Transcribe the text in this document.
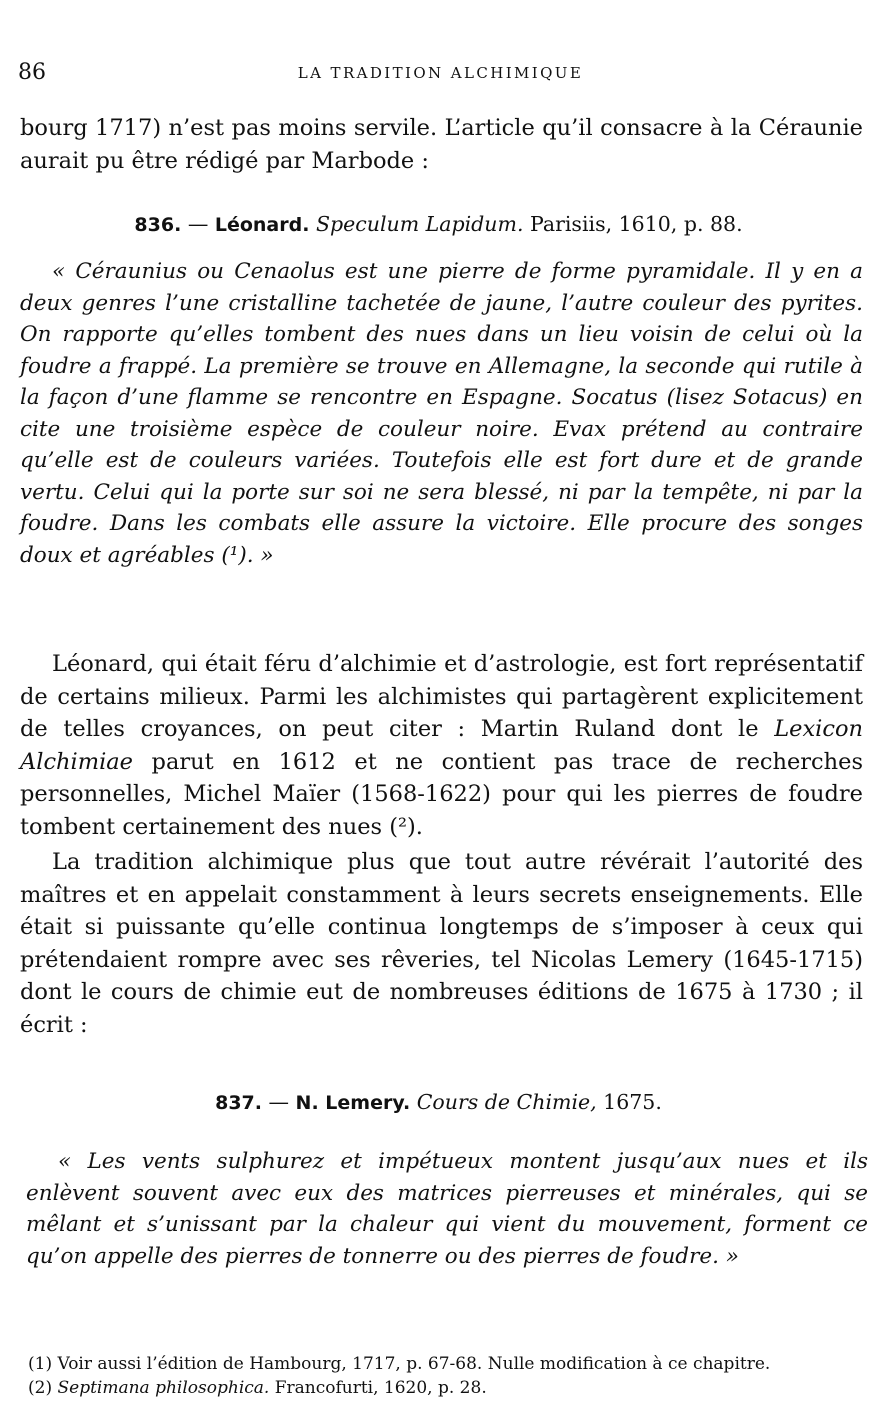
86	LA TRADITION ALCHIMIQUE

bourg 1717) n’est pas moins servile. L’article qu’il consacre à la Céraunie aurait pu être rédigé par Marbode :

836. — Léonard. Speculum Lapidum. Parisiis, 1610, p. 88.

« Céraunius ou Cenaolus est une pierre de forme pyramidale. Il y en a deux genres l’une cristalline tachetée de jaune, l’autre couleur des pyrites. On rapporte qu’elles tombent des nues dans un lieu voisin de celui où la foudre a frappé. La première se trouve en Allemagne, la seconde qui rutile à la façon d’une flamme se rencontre en Espagne. Socatus (lisez Sotacus) en cite une troisième espèce de couleur noire. Evax prétend au contraire qu’elle est de couleurs variées. Toutefois elle est fort dure et de grande vertu. Celui qui la porte sur soi ne sera blessé, ni par la tempête, ni par la foudre. Dans les combats elle assure la victoire. Elle procure des songes doux et agréables (¹). »

Léonard, qui était féru d’alchimie et d’astrologie, est fort représentatif de certains milieux. Parmi les alchimistes qui partagèrent explicitement de telles croyances, on peut citer : Martin Ruland dont le Lexicon Alchimiae parut en 1612 et ne contient pas trace de recherches personnelles, Michel Maïer (1568-1622) pour qui les pierres de foudre tombent certainement des nues (²).

La tradition alchimique plus que tout autre révérait l’autorité des maîtres et en appelait constamment à leurs secrets enseignements. Elle était si puissante qu’elle continua longtemps de s’imposer à ceux qui prétendaient rompre avec ses rêveries, tel Nicolas Lemery (1645-1715) dont le cours de chimie eut de nombreuses éditions de 1675 à 1730 ; il écrit :

837. — N. Lemery. Cours de Chimie, 1675.

« Les vents sulphurez et impétueux montent jusqu’aux nues et ils enlèvent souvent avec eux des matrices pierreuses et minérales, qui se mêlant et s’unissant par la chaleur qui vient du mouvement, forment ce qu’on appelle des pierres de tonnerre ou des pierres de foudre. »

(1) Voir aussi l’édition de Hambourg, 1717, p. 67-68. Nulle modification à ce chapitre.

(2) Septimana philosophica. Francofurti, 1620, p. 28.
